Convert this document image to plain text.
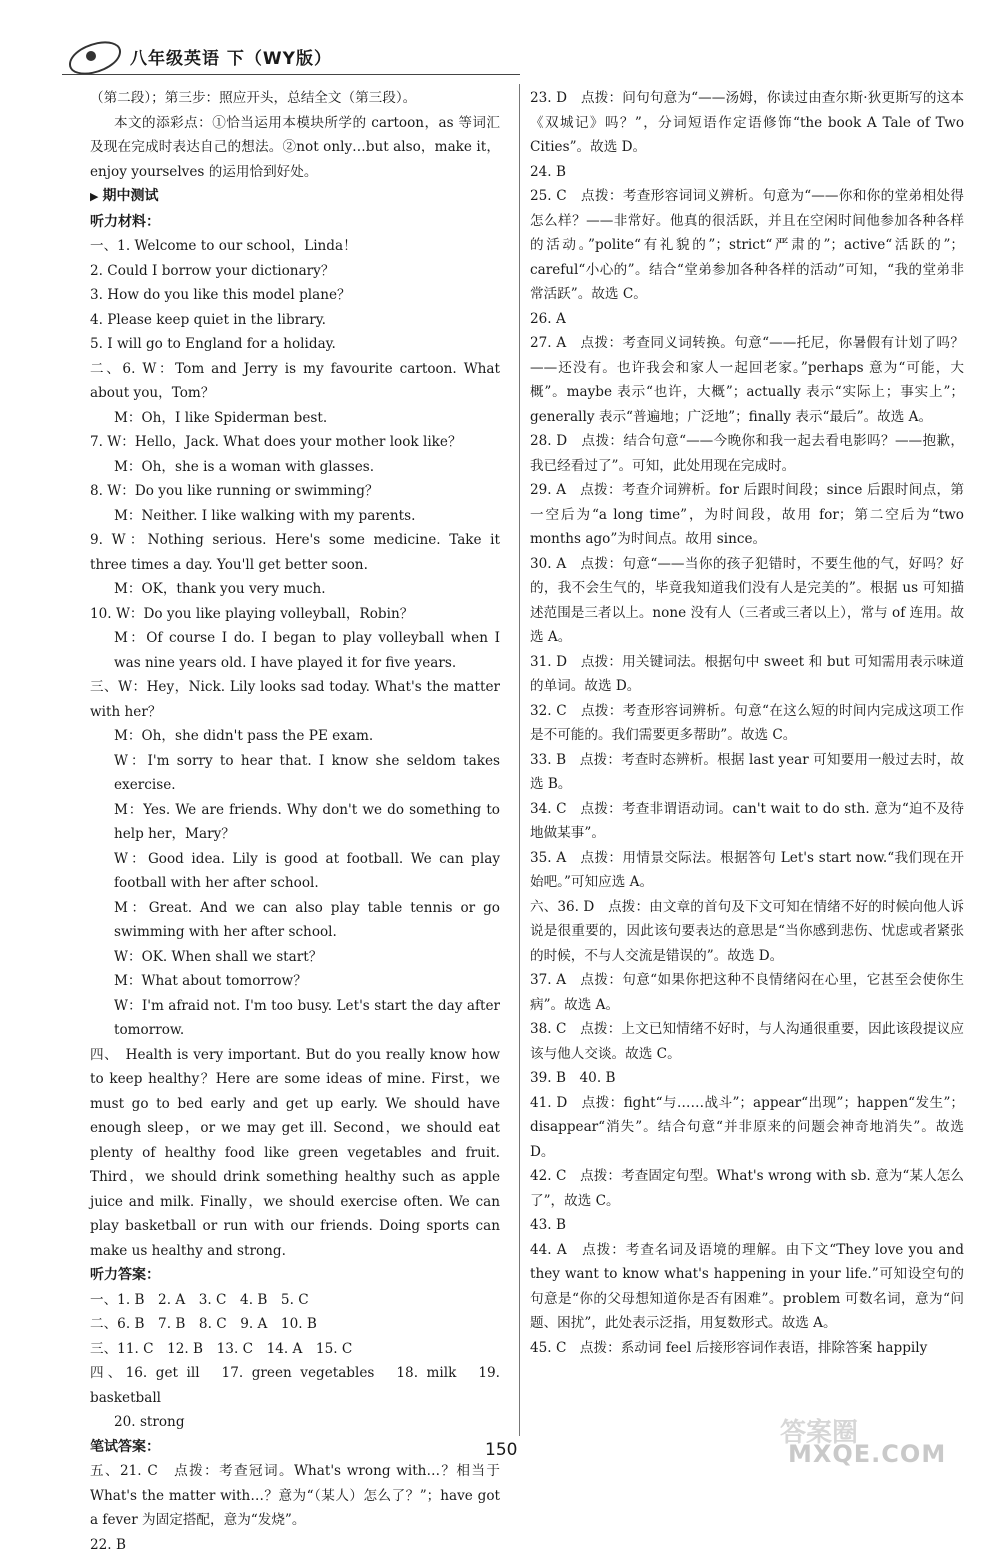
八年级英语 下（WY版）

（第二段）；第三步：照应开头，总结全文（第三段）。

本文的添彩点：①恰当运用本模块所学的 cartoon，as 等词汇及现在完成时表达自己的想法。②not only…but also，make it，enjoy yourselves 的运用恰到好处。

▶ 期中测试

听力材料：

一、1. Welcome to our school，Linda！

2. Could I borrow your dictionary？

3. How do you like this model plane？

4. Please keep quiet in the library.

5. I will go to England for a holiday.

二、6. W：Tom and Jerry is my favourite cartoon. What about you，Tom？

M：Oh，I like Spiderman best.

7. W：Hello，Jack. What does your mother look like？

M：Oh，she is a woman with glasses.

8. W：Do you like running or swimming？

M：Neither. I like walking with my parents.

9. W：Nothing serious. Here's some medicine. Take it three times a day. You'll get better soon.

M：OK，thank you very much.

10. W：Do you like playing volleyball，Robin？

M：Of course I do. I began to play volleyball when I was nine years old. I have played it for five years.

三、W：Hey，Nick. Lily looks sad today. What's the matter with her？

M：Oh，she didn't pass the PE exam.

W：I'm sorry to hear that. I know she seldom takes exercise.

M：Yes. We are friends. Why don't we do something to help her，Mary？

W：Good idea. Lily is good at football. We can play football with her after school.

M：Great. And we can also play table tennis or go swimming with her after school.

W：OK. When shall we start？

M：What about tomorrow？

W：I'm afraid not. I'm too busy. Let's start the day after tomorrow.

四、　Health is very important. But do you really know how to keep healthy？Here are some ideas of mine. First，we must go to bed early and get up early. We should have enough sleep，or we may get ill. Second，we should eat plenty of healthy food like green vegetables and fruit. Third，we should drink something healthy such as apple juice and milk. Finally，we should exercise often. We can play basketball or run with our friends. Doing sports can make us healthy and strong.

听力答案：

一、1. B　2. A　3. C　4. B　5. C

二、6. B　7. B　8. C　9. A　10. B

三、11. C　12. B　13. C　14. A　15. C

四、16. get ill　17. green vegetables　18. milk　19. basketball

20. strong

笔试答案：

五、21. C　点拨：考查冠词。What's wrong with…？相当于 What's the matter with…？意为“（某人）怎么了？”；have got a fever 为固定搭配，意为“发烧”。

22. B

23. D　点拨：问句句意为“——汤姆，你读过由查尔斯·狄更斯写的这本《双城记》吗？”，分词短语作定语修饰“the book A Tale of Two Cities”。故选 D。

24. B

25. C　点拨：考查形容词词义辨析。句意为“——你和你的堂弟相处得怎么样？——非常好。他真的很活跃，并且在空闲时间他参加各种各样的活动。”polite“有礼貌的”；strict“严肃的”；active“活跃的”；careful“小心的”。结合“堂弟参加各种各样的活动”可知，“我的堂弟非常活跃”。故选 C。

26. A

27. A　点拨：考查同义词转换。句意“——托尼，你暑假有计划了吗？——还没有。也许我会和家人一起回老家。”perhaps 意为“可能，大概”。maybe 表示“也许，大概”；actually 表示“实际上；事实上”；generally 表示“普遍地；广泛地”；finally 表示“最后”。故选 A。

28. D　点拨：结合句意“——今晚你和我一起去看电影吗？——抱歉，我已经看过了”。可知，此处用现在完成时。

29. A　点拨：考查介词辨析。for 后跟时间段；since 后跟时间点，第一空后为“a long time”，为时间段，故用 for；第二空后为“two months ago”为时间点。故用 since。

30. A　点拨：句意“——当你的孩子犯错时，不要生他的气，好吗？好的，我不会生气的，毕竟我知道我们没有人是完美的”。根据 us 可知描述范围是三者以上。none 没有人（三者或三者以上），常与 of 连用。故选 A。

31. D　点拨：用关键词法。根据句中 sweet 和 but 可知需用表示味道的单词。故选 D。

32. C　点拨：考查形容词辨析。句意“在这么短的时间内完成这项工作是不可能的。我们需要更多帮助”。故选 C。

33. B　点拨：考查时态辨析。根据 last year 可知要用一般过去时，故选 B。

34. C　点拨：考查非谓语动词。can't wait to do sth. 意为“迫不及待地做某事”。

35. A　点拨：用情景交际法。根据答句 Let's start now.“我们现在开始吧。”可知应选 A。

六、36. D　点拨：由文章的首句及下文可知在情绪不好的时候向他人诉说是很重要的，因此该句要表达的意思是“当你感到悲伤、忧虑或者紧张的时候，不与人交流是错误的”。故选 D。

37. A　点拨：句意“如果你把这种不良情绪闷在心里，它甚至会使你生病”。故选 A。

38. C　点拨：上文已知情绪不好时，与人沟通很重要，因此该段提议应该与他人交谈。故选 C。

39. B　40. B

41. D　点拨：fight“与……战斗”；appear“出现”；happen“发生”；disappear“消失”。结合句意“并非原来的问题会神奇地消失”。故选 D。

42. C　点拨：考查固定句型。What's wrong with sb. 意为“某人怎么了”，故选 C。

43. B

44. A　点拨：考查名词及语境的理解。由下文“They love you and they want to know what's happening in your life.”可知设空句的句意是“你的父母想知道你是否有困难”。problem 可数名词，意为“问题、困扰”，此处表示泛指，用复数形式。故选 A。

45. C　点拨：系动词 feel 后接形容词作表语，排除答案 happily

150
答案圈
MXQE.COM
